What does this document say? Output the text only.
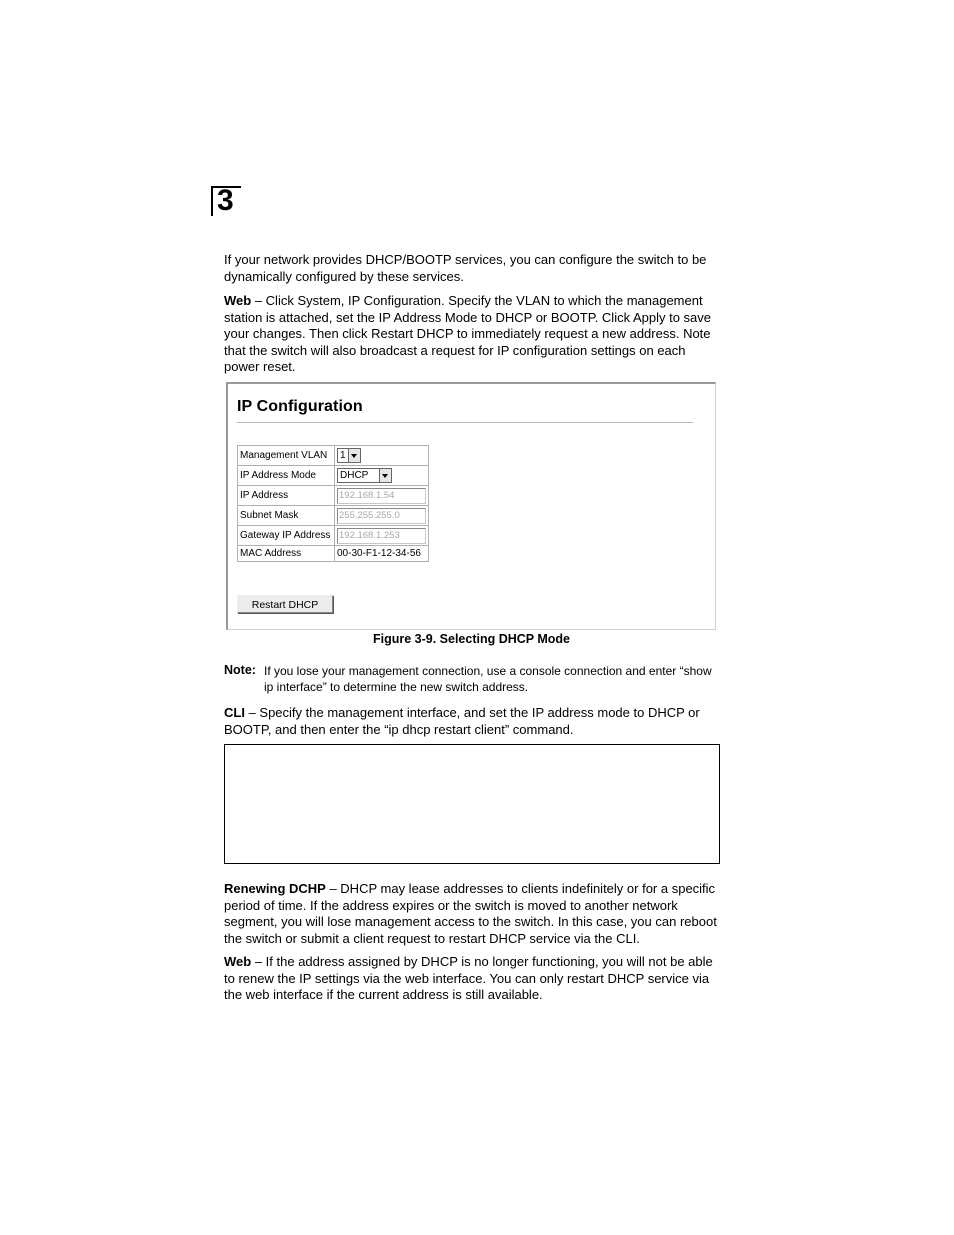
3

If your network provides DHCP/BOOTP services, you can configure the switch to be dynamically configured by these services.

Web – Click System, IP Configuration. Specify the VLAN to which the management station is attached, set the IP Address Mode to DHCP or BOOTP. Click Apply to save your changes. Then click Restart DHCP to immediately request a new address. Note that the switch will also broadcast a request for IP configuration settings on each power reset.

IP Configuration
Management VLAN	1

IP Address Mode	DHCP

IP Address	192.168.1.54
Subnet Mask	255.255.255.0
Gateway IP Address	192.168.1.253
MAC Address	00-30-F1-12-34-56
Restart DHCP
Figure 3-9. Selecting DHCP Mode
Note: If you lose your management connection, use a console connection and enter “show ip interface” to determine the new switch address.

CLI – Specify the management interface, and set the IP address mode to DHCP or BOOTP, and then enter the “ip dhcp restart client” command.

Renewing DCHP – DHCP may lease addresses to clients indefinitely or for a specific period of time. If the address expires or the switch is moved to another network segment, you will lose management access to the switch. In this case, you can reboot the switch or submit a client request to restart DHCP service via the CLI.

Web – If the address assigned by DHCP is no longer functioning, you will not be able to renew the IP settings via the web interface. You can only restart DHCP service via the web interface if the current address is still available.
